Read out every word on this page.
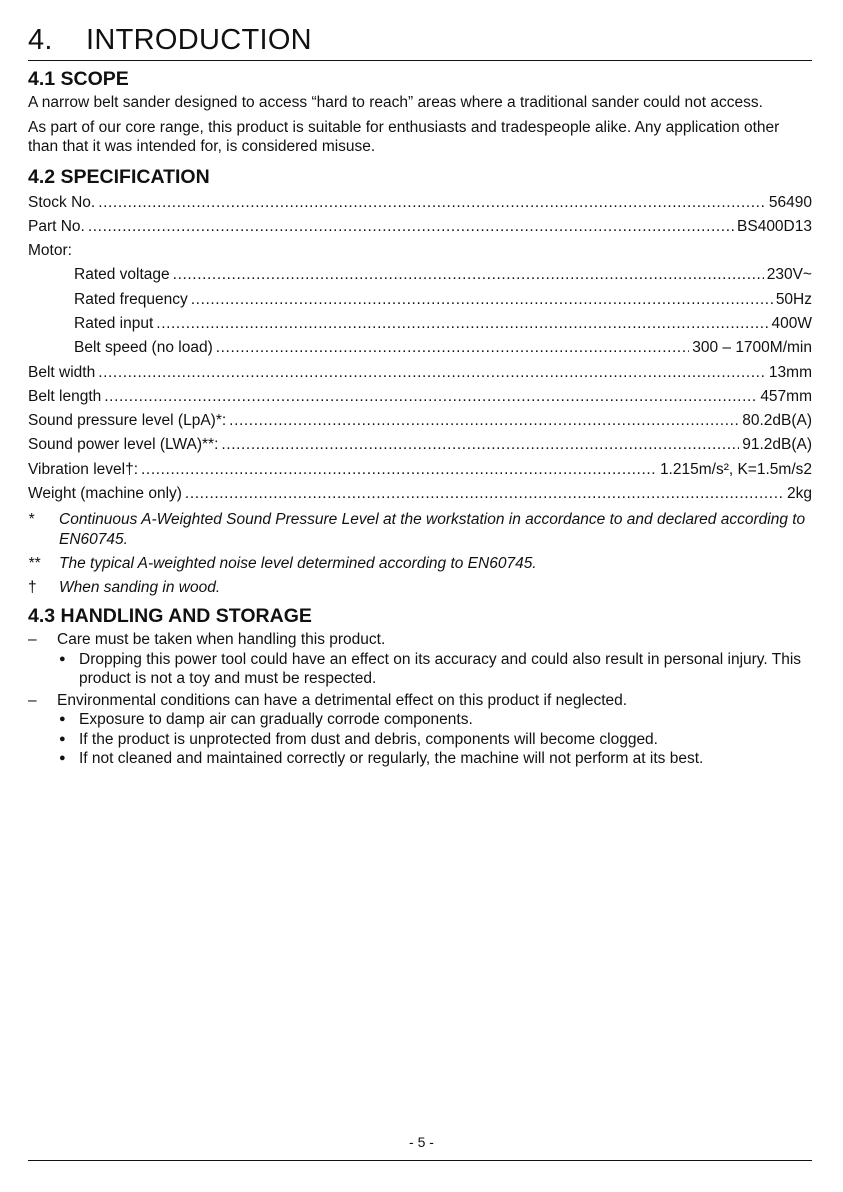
4. INTRODUCTION
4.1 SCOPE

A narrow belt sander designed to access “hard to reach” areas where a traditional sander could not access.

As part of our core range, this product is suitable for enthusiasts and tradespeople alike. Any application other than that it was intended for, is considered misuse.

4.2 SPECIFICATION
Stock No. .....	56490
Part No. .....	BS400D13
Motor:
Rated voltage .....	230V~
Rated frequency .....	50Hz
Rated input .....	400W
Belt speed (no load) .....	300 – 1700M/min
Belt width .....	13mm
Belt length .....	457mm
Sound pressure level (LpA)*: .....	80.2dB(A)
Sound power level (LWA)**: .....	91.2dB(A)
Vibration level†: .....	1.215m/s², K=1.5m/s2
Weight (machine only) .....	2kg
*	Continuous A-Weighted Sound Pressure Level at the workstation in accordance to and declared according to EN60745.
**	The typical A-weighted noise level determined according to EN60745.
†	When sanding in wood.
4.3 HANDLING AND STORAGE
–	Care must be taken when handling this product.
● Dropping this power tool could have an effect on its accuracy and could also result in personal injury. This product is not a toy and must be respected.
–	Environmental conditions can have a detrimental effect on this product if neglected.
● Exposure to damp air can gradually corrode components.
● If the product is unprotected from dust and debris, components will become clogged.
● If not cleaned and maintained correctly or regularly, the machine will not perform at its best.
- 5 -
